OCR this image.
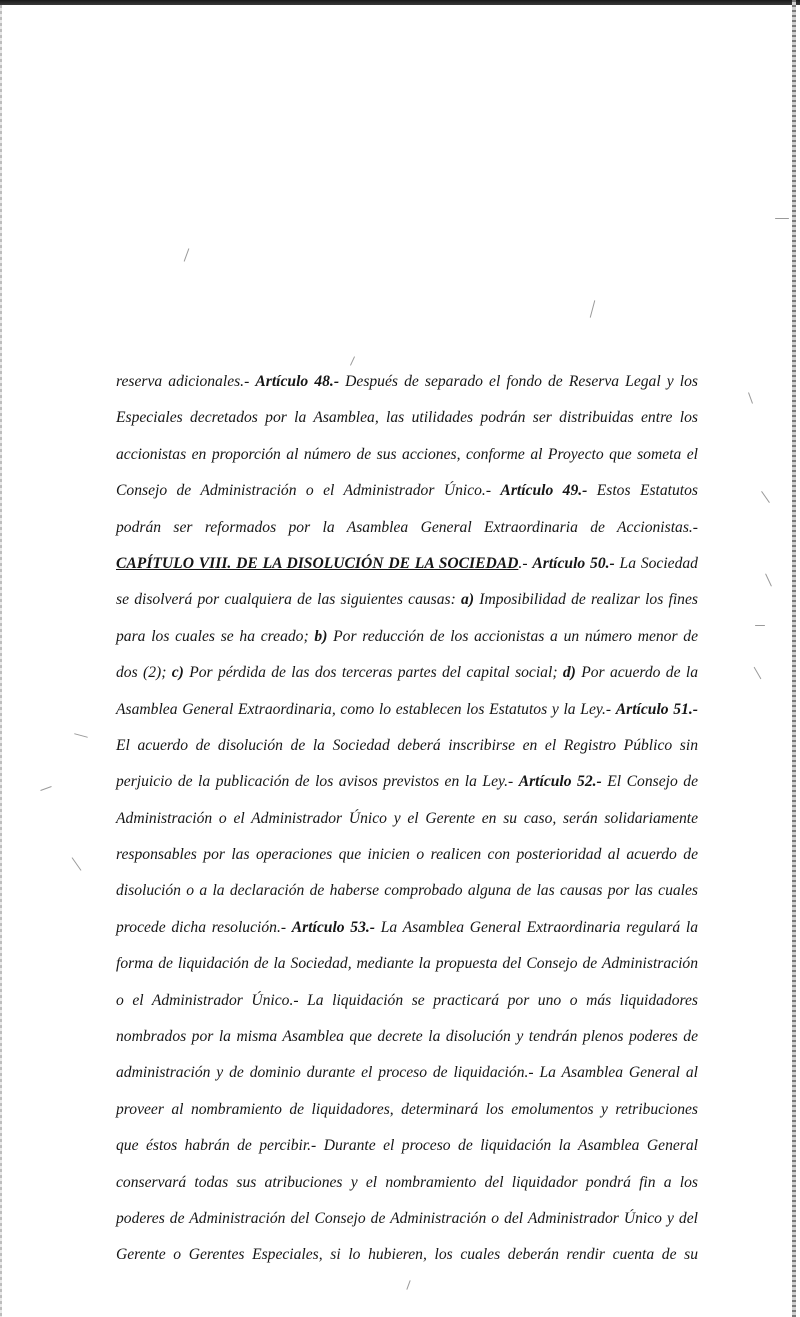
reserva adicionales.- Artículo 48.- Después de separado el fondo de Reserva Legal y los
Especiales decretados por la Asamblea, las utilidades podrán ser distribuidas entre los
accionistas en proporción al número de sus acciones, conforme al Proyecto que someta el
Consejo de Administración o el Administrador Único.- Artículo 49.- Estos Estatutos
podrán ser reformados por la Asamblea General Extraordinaria de Accionistas.-
CAPÍTULO VIII. DE LA DISOLUCIÓN DE LA SOCIEDAD.- Artículo 50.- La Sociedad
se disolverá por cualquiera de las siguientes causas: a) Imposibilidad de realizar los fines
para los cuales se ha creado; b) Por reducción de los accionistas a un número menor de
dos (2); c) Por pérdida de las dos terceras partes del capital social; d) Por acuerdo de la
Asamblea General Extraordinaria, como lo establecen los Estatutos y la Ley.- Artículo 51.-
El acuerdo de disolución de la Sociedad deberá inscribirse en el Registro Público sin
perjuicio de la publicación de los avisos previstos en la Ley.- Artículo 52.- El Consejo de
Administración o el Administrador Único y el Gerente en su caso, serán solidariamente
responsables por las operaciones que inicien o realicen con posterioridad al acuerdo de
disolución o a la declaración de haberse comprobado alguna de las causas por las cuales
procede dicha resolución.- Artículo 53.- La Asamblea General Extraordinaria regulará la
forma de liquidación de la Sociedad, mediante la propuesta del Consejo de Administración
o el Administrador Único.- La liquidación se practicará por uno o más liquidadores
nombrados por la misma Asamblea que decrete la disolución y tendrán plenos poderes de
administración y de dominio durante el proceso de liquidación.- La Asamblea General al
proveer al nombramiento de liquidadores, determinará los emolumentos y retribuciones
que éstos habrán de percibir.- Durante el proceso de liquidación la Asamblea General
conservará todas sus atribuciones y el nombramiento del liquidador pondrá fin a los
poderes de Administración del Consejo de Administración o del Administrador Único y del
Gerente o Gerentes Especiales, si lo hubieren, los cuales deberán rendir cuenta de su
